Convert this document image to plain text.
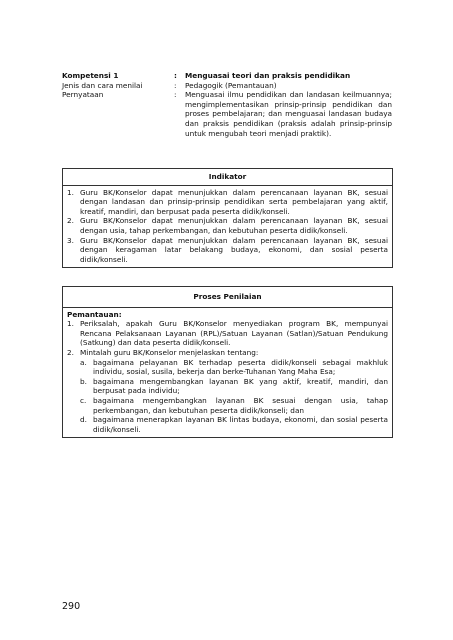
Kompetensi 1	:	Menguasai teori dan praksis pendidikan
Jenis dan cara menilai	:	Pedagogik (Pemantauan)
Pernyataan	:	Menguasai ilmu pendidikan dan landasan keilmuannya; mengimplementasikan prinsip-prinsip pendidikan dan proses pembelajaran; dan menguasai landasan budaya dan praksis pendidikan (praksis adalah prinsip-prinsip untuk mengubah teori menjadi praktik).
Indikator
1. Guru BK/Konselor dapat menunjukkan dalam perencanaan layanan BK, sesuai dengan landasan dan prinsip-prinsip pendidikan serta pembelajaran yang aktif, kreatif, mandiri, dan berpusat pada peserta didik/konseli.
2. Guru BK/Konselor dapat menunjukkan dalam perencanaan layanan BK, sesuai dengan usia, tahap perkembangan, dan kebutuhan peserta didik/konseli.
3. Guru BK/Konselor dapat menunjukkan dalam perencanaan layanan BK, sesuai dengan keragaman latar belakang budaya, ekonomi, dan sosial peserta didik/konseli.
Proses Penilaian
Pemantauan:
1. Periksalah, apakah Guru BK/Konselor menyediakan program BK, mempunyai Rencana Pelaksanaan Layanan (RPL)/Satuan Layanan (Satlan)/Satuan Pendukung (Satkung) dan data peserta didik/konseli.
2. Mintalah guru BK/Konselor menjelaskan tentang:
a. bagaimana pelayanan BK terhadap peserta didik/konseli sebagai makhluk individu, sosial, susila, bekerja dan berke-Tuhanan Yang Maha Esa;
b. bagaimana mengembangkan layanan BK yang aktif, kreatif, mandiri, dan berpusat pada individu;
c. bagaimana mengembangkan layanan BK sesuai dengan usia, tahap perkembangan, dan kebutuhan peserta didik/konseli; dan
d. bagaimana menerapkan layanan BK lintas budaya, ekonomi, dan sosial peserta didik/konseli.
290
